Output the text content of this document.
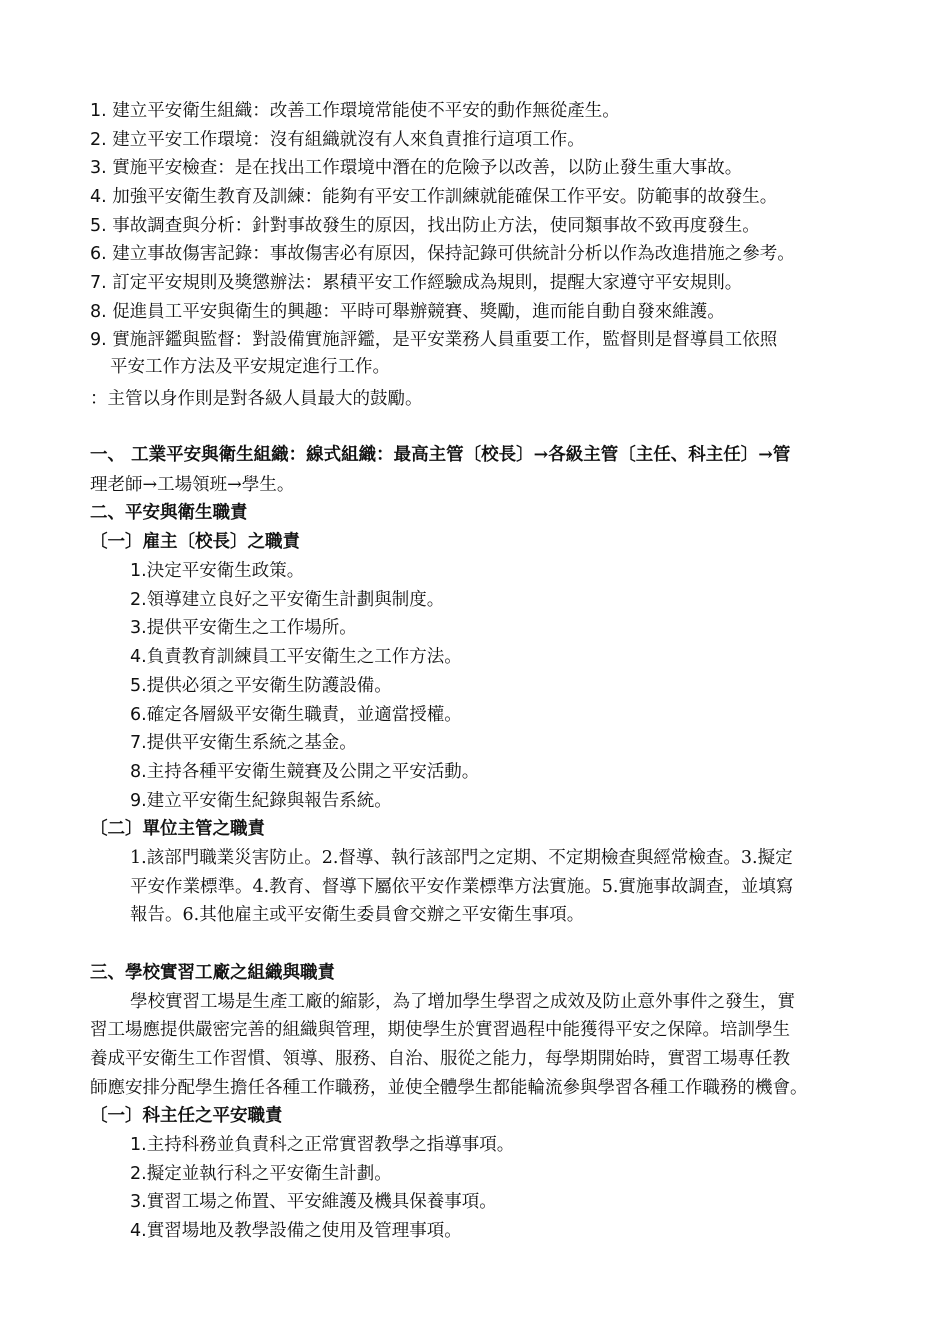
1. 建立平安衛生組織：改善工作環境常能使不平安的動作無從產生。
2. 建立平安工作環境：沒有組織就沒有人來負責推行這項工作。
3. 實施平安檢查：是在找出工作環境中潛在的危險予以改善，以防止發生重大事故。
4. 加強平安衛生教育及訓練：能夠有平安工作訓練就能確保工作平安。防範事的故發生。
5. 事故調查與分析：針對事故發生的原因，找出防止方法，使同類事故不致再度發生。
6. 建立事故傷害記錄：事故傷害必有原因，保持記錄可供統計分析以作為改進措施之參考。
7. 訂定平安規則及獎懲辦法：累積平安工作經驗成為規則，提醒大家遵守平安規則。
8. 促進員工平安與衛生的興趣：平時可舉辦競賽、獎勵，進而能自動自發來維護。
9. 實施評鑑與監督：對設備實施評鑑，是平安業務人員重要工作，監督則是督導員工依照
平安工作方法及平安規定進行工作。
：主管以身作則是對各級人員最大的鼓勵。
一、 工業平安與衛生組織：線式組織：最高主管〔校長〕→各級主管〔主任、科主任〕→管
理老師→工場領班→學生。
二、平安與衛生職責
〔一〕雇主〔校長〕之職責
1.決定平安衛生政策。
2.領導建立良好之平安衛生計劃與制度。
3.提供平安衛生之工作場所。
4.負責教育訓練員工平安衛生之工作方法。
5.提供必須之平安衛生防護設備。
6.確定各層級平安衛生職責，並適當授權。
7.提供平安衛生系統之基金。
8.主持各種平安衛生競賽及公開之平安活動。
9.建立平安衛生紀錄與報告系統。
〔二〕單位主管之職責
1.該部門職業災害防止。2.督導、執行該部門之定期、不定期檢查與經常檢查。3.擬定
平安作業標準。4.教育、督導下屬依平安作業標準方法實施。5.實施事故調查，並填寫
報告。6.其他雇主或平安衛生委員會交辦之平安衛生事項。
三、學校實習工廠之組織與職責
學校實習工場是生產工廠的縮影，為了增加學生學習之成效及防止意外事件之發生，實
習工場應提供嚴密完善的組織與管理，期使學生於實習過程中能獲得平安之保障。培訓學生
養成平安衛生工作習慣、領導、服務、自治、服從之能力，每學期開始時，實習工場專任教
師應安排分配學生擔任各種工作職務，並使全體學生都能輪流參與學習各種工作職務的機會。
〔一〕科主任之平安職責
1.主持科務並負責科之正常實習教學之指導事項。
2.擬定並執行科之平安衛生計劃。
3.實習工場之佈置、平安維護及機具保養事項。
4.實習場地及教學設備之使用及管理事項。
